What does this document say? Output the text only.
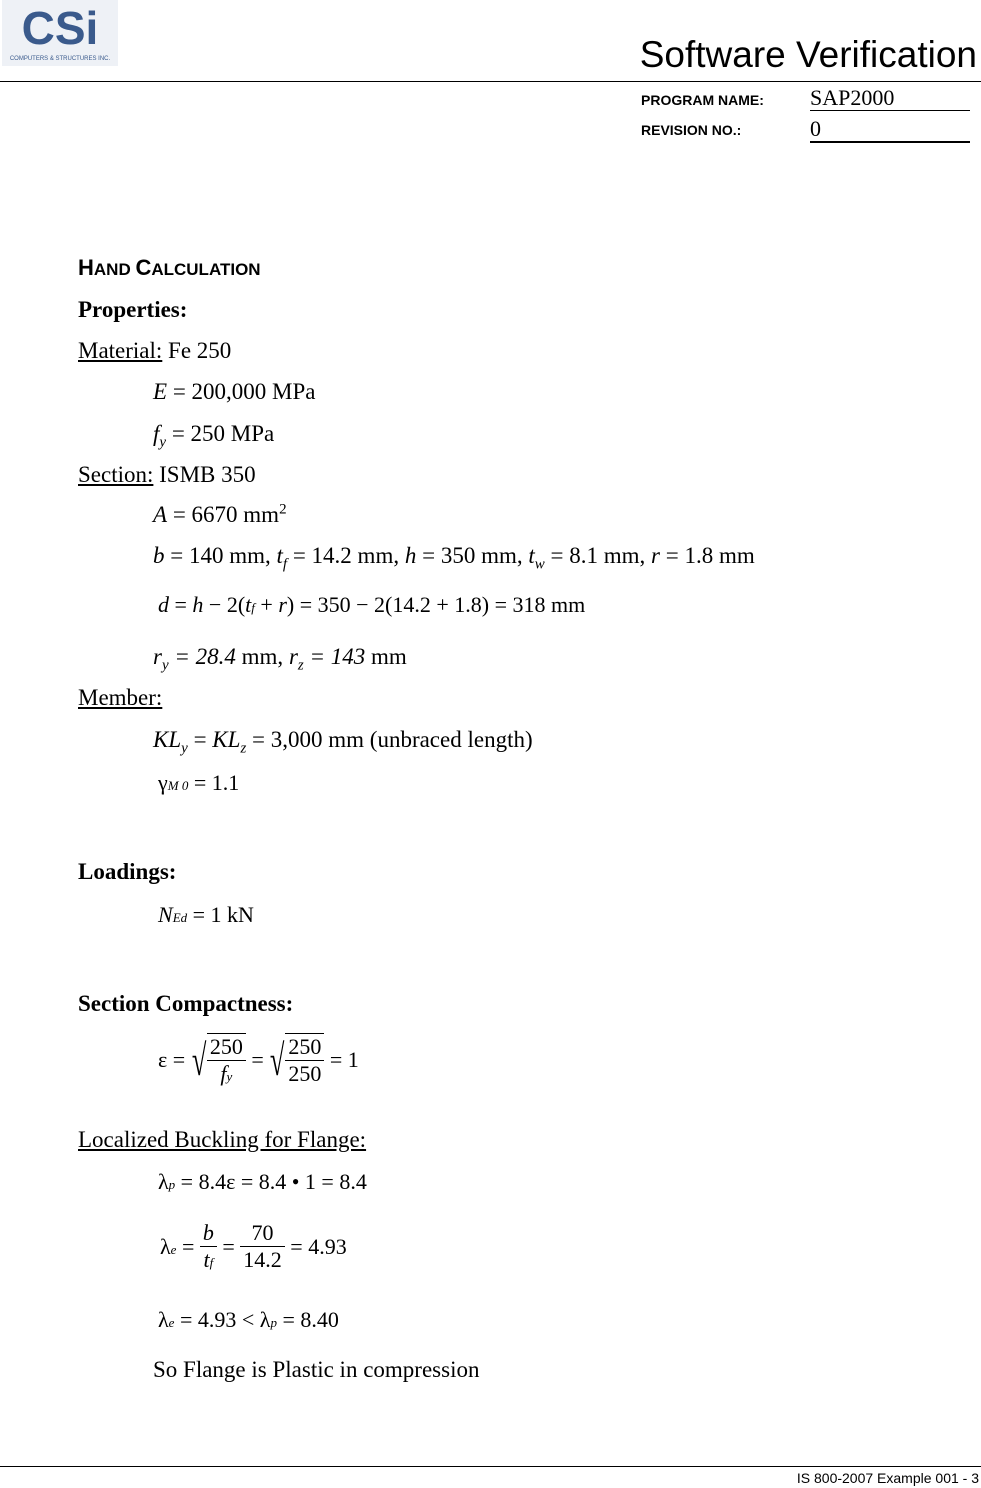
CSi
COMPUTERS & STRUCTURES INC.	Software Verification
PROGRAM NAME: SAP2000
REVISION NO.:	0
HAND CALCULATION
Properties:
Material: Fe 250
E = 200,000 MPa
$f_y = 250$ MPa
Section: ISMB 350
A = 6670 $mm^2$
b = 140 mm, $t_f = 14.2$ mm, h = 350 mm, $t_w = 8.1$ mm, r = 1.8 mm
d = h − 2(tf + r) = 350 − 2(14.2 + 1.8) = 318 mm
$r_y = 28.4$ mm, $r_z = 143$ mm
Member:
$KL_y = KL_z = 3,000$ mm (unbraced length)
γM 0 = 1.1
Loadings:
NEd = 1 kN
Section Compactness:
ε = √ $\frac{250}{fy}$ = √ $\frac{250}{250} = 1$
Localized Buckling for Flange:
λp = 8.4ε = 8.4 • 1 = 8.4
$\lambda e = \frac{b}{tf} = \frac{70}{14.2} = 4.93$
λe = 4.93 < λp = 8.40
So Flange is Plastic in compression
IS 800-2007 Example 001 - 3
